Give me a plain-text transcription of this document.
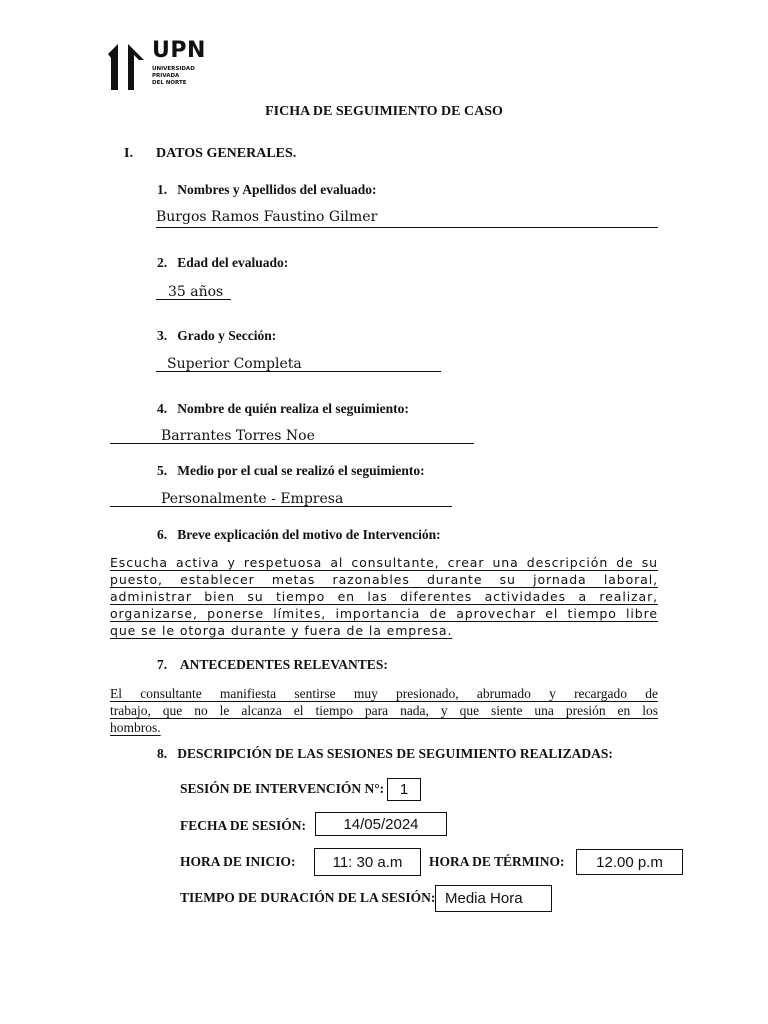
UPN
UNIVERSIDAD
PRIVADA
DEL NORTE
FICHA DE SEGUIMIENTO DE CASO
I. DATOS GENERALES.
1.   Nombres y Apellidos del evaluado:
Burgos Ramos Faustino Gilmer
2.   Edad del evaluado:
35 años
3.   Grado y Sección:
Superior Completa
4.   Nombre de quién realiza el seguimiento:
Barrantes Torres Noe
5.   Medio por el cual se realizó el seguimiento:
Personalmente - Empresa
6.   Breve explicación del motivo de Intervención:
Escucha activa y respetuosa al consultante, crear una descripción de su
puesto, establecer metas razonables durante su jornada laboral,
administrar bien su tiempo en las diferentes actividades a realizar,
organizarse, ponerse límites, importancia de aprovechar el tiempo libre
que se le otorga durante y fuera de la empresa.
7.    ANTECEDENTES RELEVANTES:
El consultante manifiesta sentirse muy presionado, abrumado y recargado de
trabajo, que no le alcanza el tiempo para nada, y que siente una presión en los
hombros.
8.   DESCRIPCIÓN DE LAS SESIONES DE SEGUIMIENTO REALIZADAS:
SESIÓN DE INTERVENCIÓN N°: 1
FECHA DE SESIÓN: 14/05/2024
HORA DE INICIO: 11: 30 a.m HORA DE TÉRMINO: 12.00 p.m
TIEMPO DE DURACIÓN DE LA SESIÓN: Media Hora
